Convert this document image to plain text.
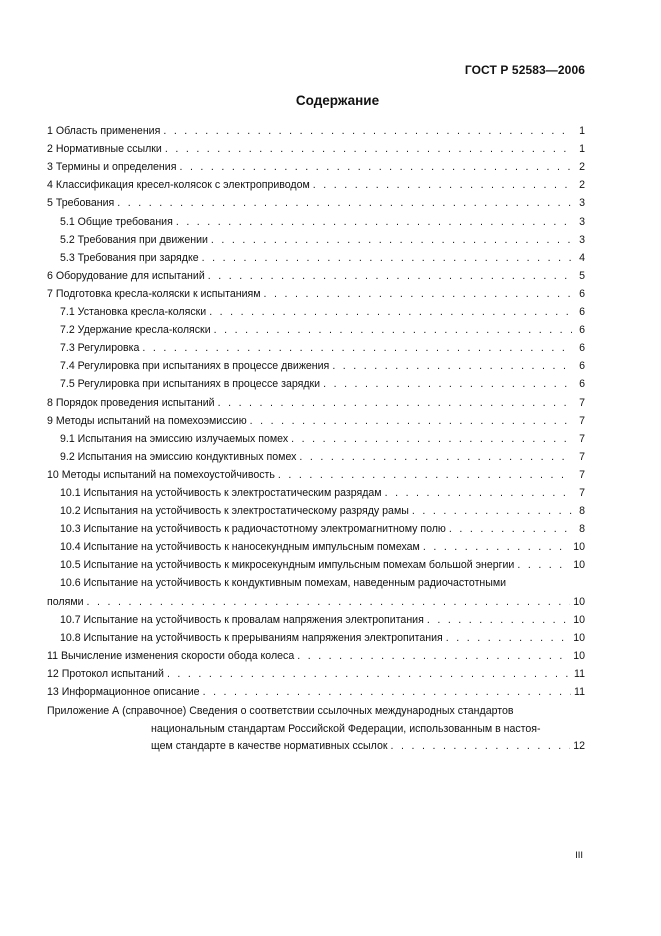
ГОСТ Р 52583—2006
Содержание
1 Область применения . . .	1
2 Нормативные ссылки . . .	1
3 Термины и определения . . .	2
4 Классификация кресел-колясок с электроприводом . . .	2
5 Требования . . .	3
5.1 Общие требования . . .	3
5.2 Требования при движении . . .	3
5.3 Требования при зарядке . . .	4
6 Оборудование для испытаний . . .	5
7 Подготовка кресла-коляски к испытаниям . . .	6
7.1 Установка кресла-коляски . . .	6
7.2 Удержание кресла-коляски . . .	6
7.3 Регулировка . . .	6
7.4 Регулировка при испытаниях в процессе движения . . .	6
7.5 Регулировка при испытаниях в процессе зарядки . . .	6
8 Порядок проведения испытаний . . .	7
9 Методы испытаний на помехоэмиссию . . .	7
9.1 Испытания на эмиссию излучаемых помех . . .	7
9.2 Испытания на эмиссию кондуктивных помех . . .	7
10 Методы испытаний на помехоустойчивость . . .	7
10.1 Испытания на устойчивость к электростатическим разрядам . . .	7
10.2 Испытания на устойчивость к электростатическому разряду рамы . . .	8
10.3 Испытание на устойчивость к радиочастотному электромагнитному полю . . .	8
10.4 Испытание на устойчивость к наносекундным импульсным помехам . . .	10
10.5 Испытание на устойчивость к микросекундным импульсным помехам большой энергии . . .	10
10.6 Испытание на устойчивость к кондуктивным помехам, наведенным радиочастотными
полями . . .	10
10.7 Испытание на устойчивость к провалам напряжения электропитания . . .	10
10.8 Испытание на устойчивость к прерываниям напряжения электропитания . . .	10
11 Вычисление изменения скорости обода колеса . . .	10
12 Протокол испытаний . . .	11
13 Информационное описание . . .	11
Приложение А (справочное) Сведения о соответствии ссылочных международных стандартов
национальным стандартам Российской Федерации, использованным в настоя-
щем стандарте в качестве нормативных ссылок . . .	12
III
